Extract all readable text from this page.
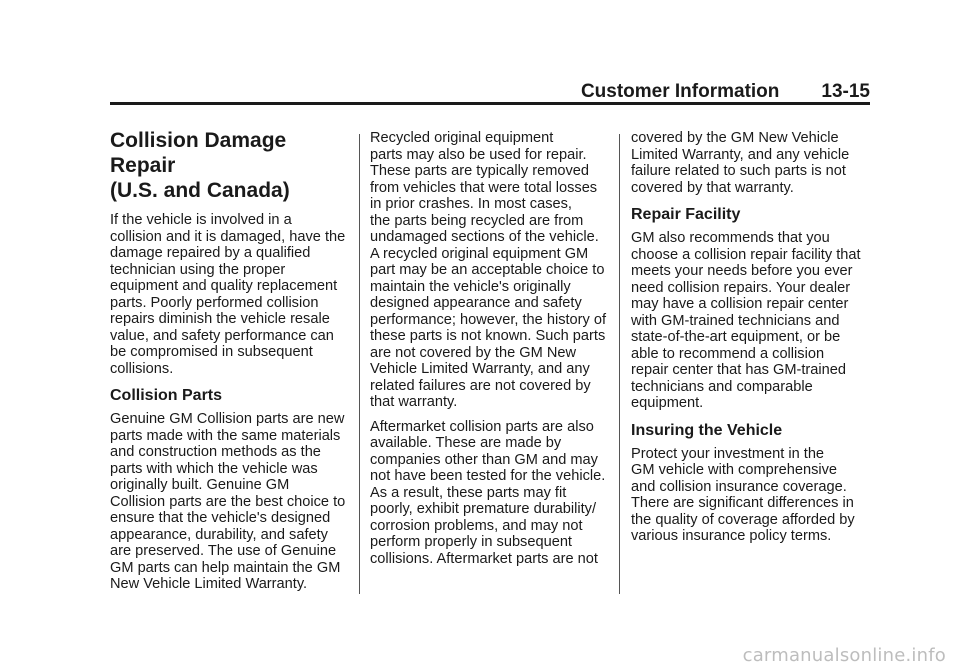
Customer Information 13-15
Collision Damage Repair
(U.S. and Canada)

If the vehicle is involved in a
collision and it is damaged, have the
damage repaired by a qualified
technician using the proper
equipment and quality replacement
parts. Poorly performed collision
repairs diminish the vehicle resale
value, and safety performance can
be compromised in subsequent
collisions.

Collision Parts

Genuine GM Collision parts are new
parts made with the same materials
and construction methods as the
parts with which the vehicle was
originally built. Genuine GM
Collision parts are the best choice to
ensure that the vehicle's designed
appearance, durability, and safety
are preserved. The use of Genuine
GM parts can help maintain the GM
New Vehicle Limited Warranty.

Recycled original equipment
parts may also be used for repair.
These parts are typically removed
from vehicles that were total losses
in prior crashes. In most cases,
the parts being recycled are from
undamaged sections of the vehicle.
A recycled original equipment GM
part may be an acceptable choice to
maintain the vehicle's originally
designed appearance and safety
performance; however, the history of
these parts is not known. Such parts
are not covered by the GM New
Vehicle Limited Warranty, and any
related failures are not covered by
that warranty.

Aftermarket collision parts are also
available. These are made by
companies other than GM and may
not have been tested for the vehicle.
As a result, these parts may fit
poorly, exhibit premature durability/
corrosion problems, and may not
perform properly in subsequent
collisions. Aftermarket parts are not

covered by the GM New Vehicle
Limited Warranty, and any vehicle
failure related to such parts is not
covered by that warranty.

Repair Facility

GM also recommends that you
choose a collision repair facility that
meets your needs before you ever
need collision repairs. Your dealer
may have a collision repair center
with GM-trained technicians and
state-of-the-art equipment, or be
able to recommend a collision
repair center that has GM-trained
technicians and comparable
equipment.

Insuring the Vehicle

Protect your investment in the
GM vehicle with comprehensive
and collision insurance coverage.
There are significant differences in
the quality of coverage afforded by
various insurance policy terms.

carmanualsonline.info
